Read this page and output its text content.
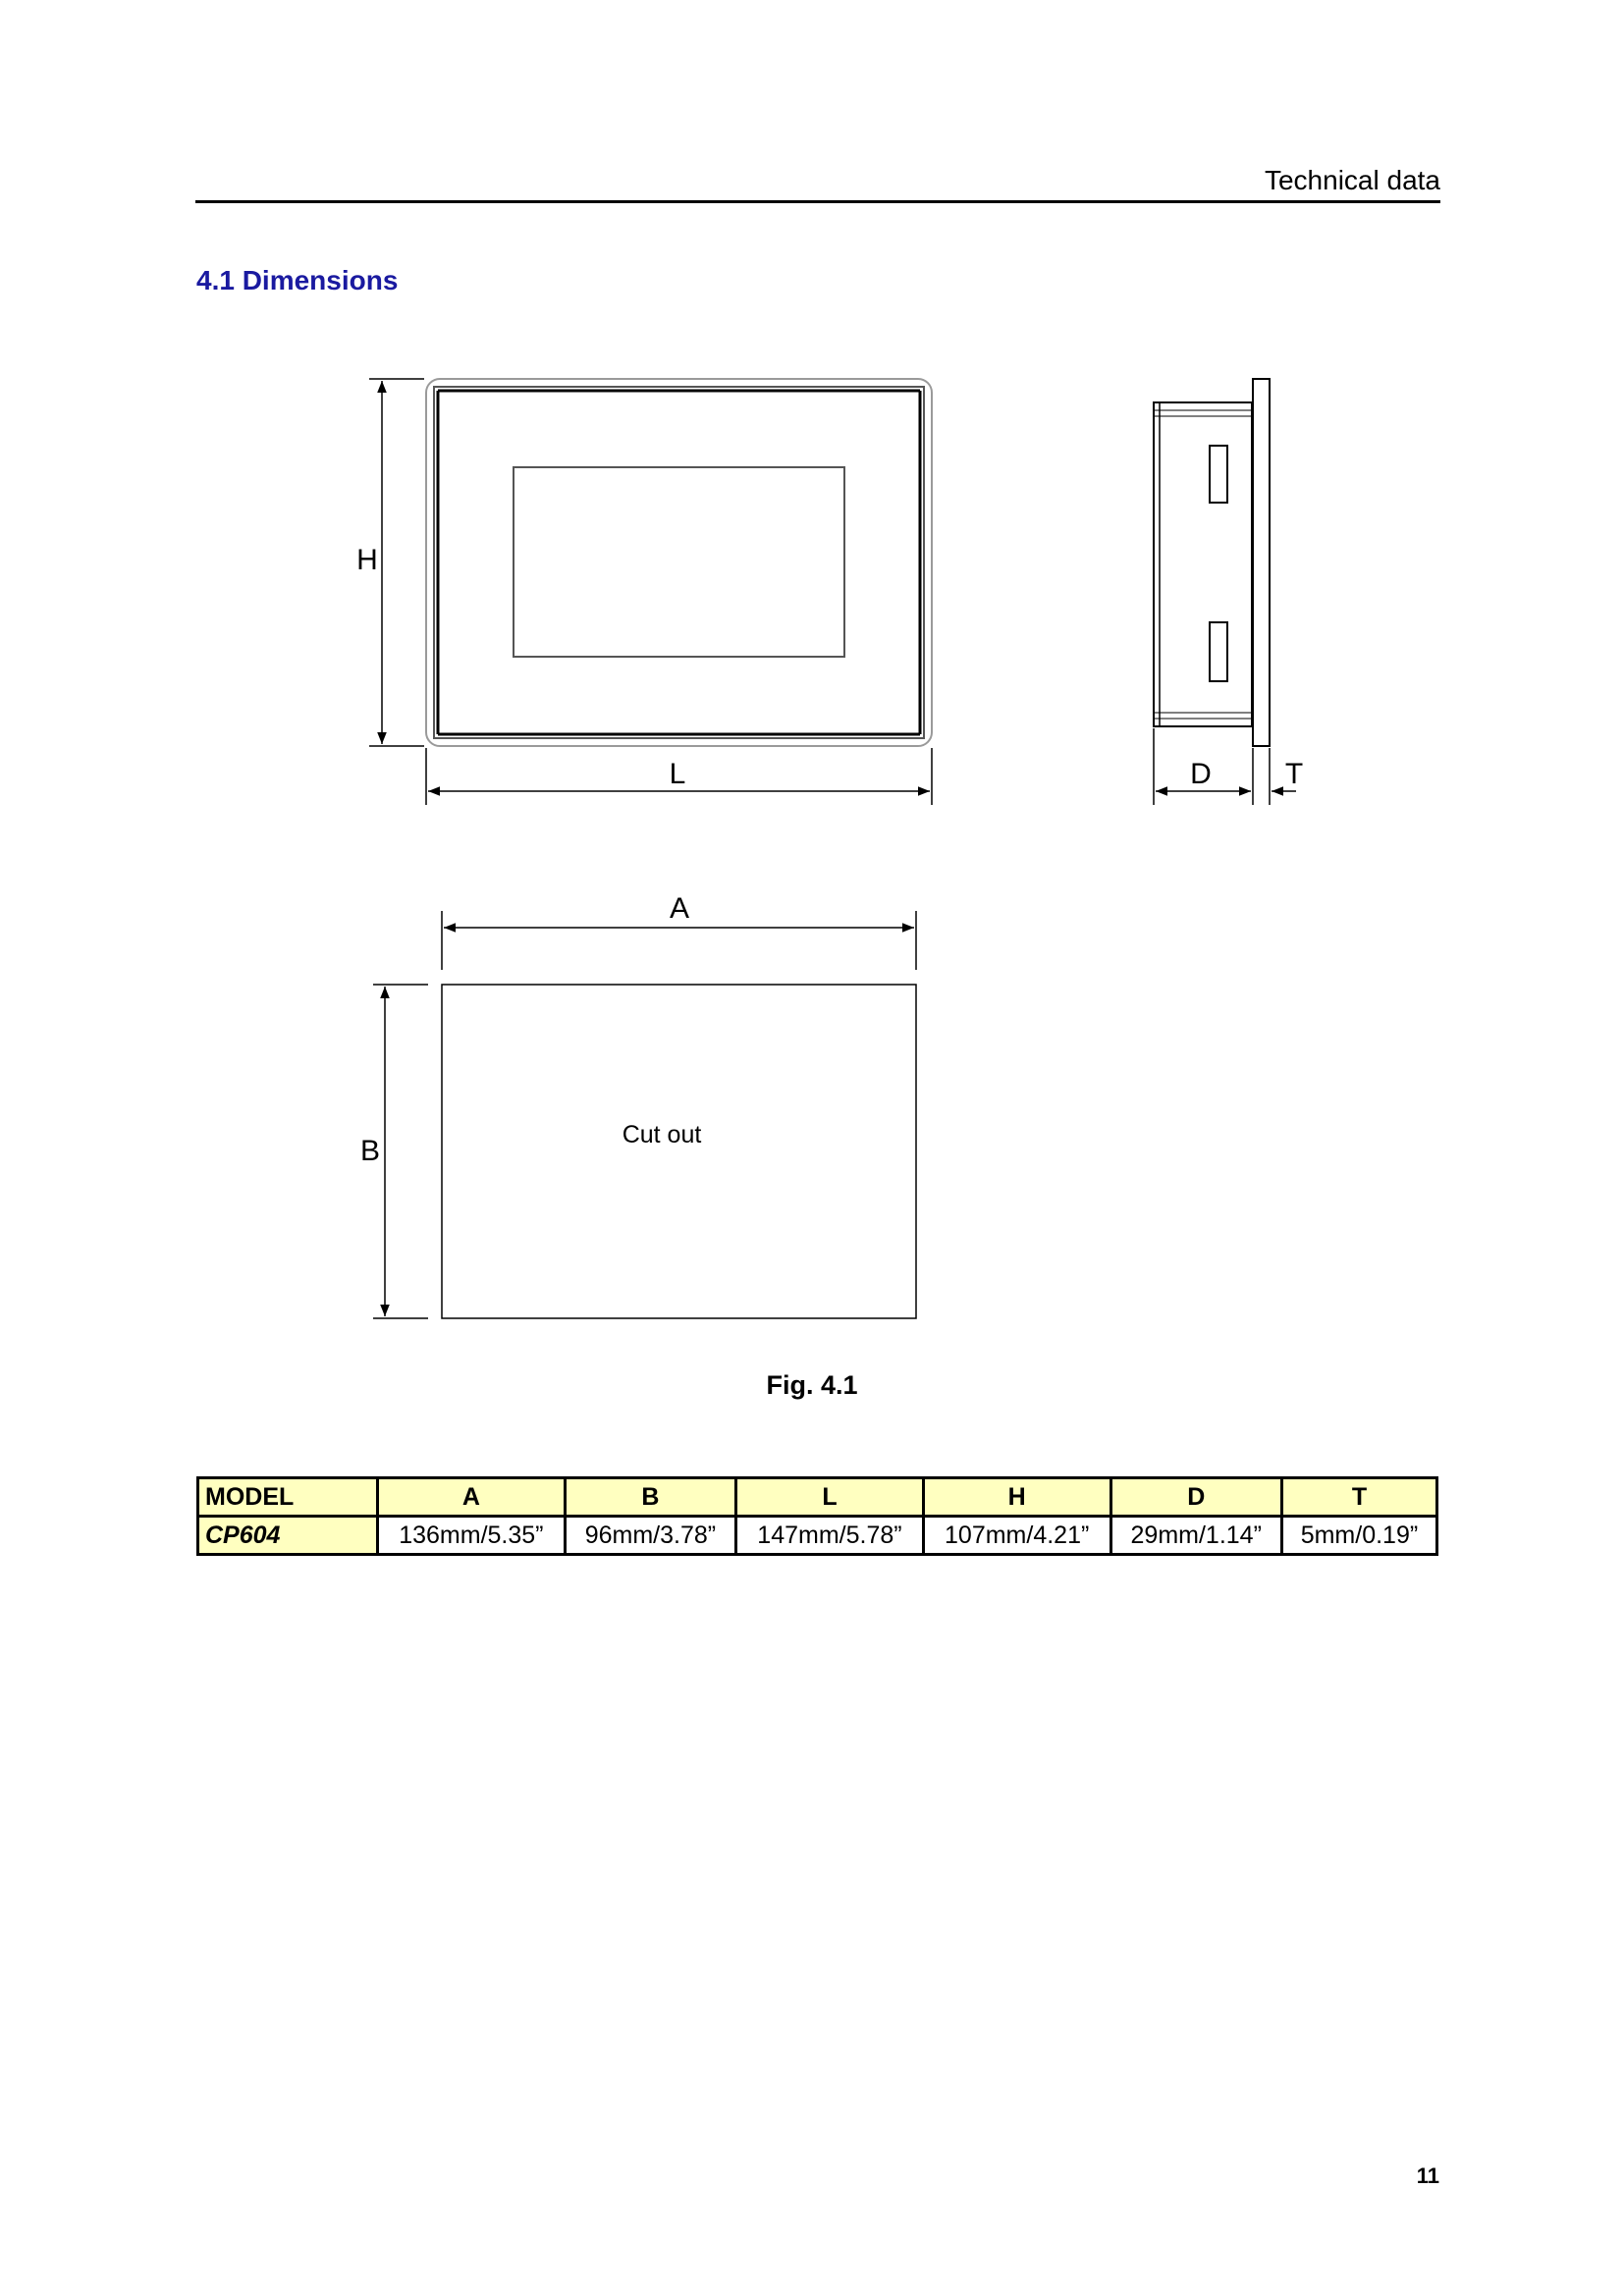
Technical data
4.1 Dimensions
H
L	D	T
A
Cut out
B
Fig. 4.1
MODEL	A	B	L	H	D	T
CP604	136mm/5.35”	96mm/3.78”	147mm/5.78”	107mm/4.21”	29mm/1.14”	5mm/0.19”
11
